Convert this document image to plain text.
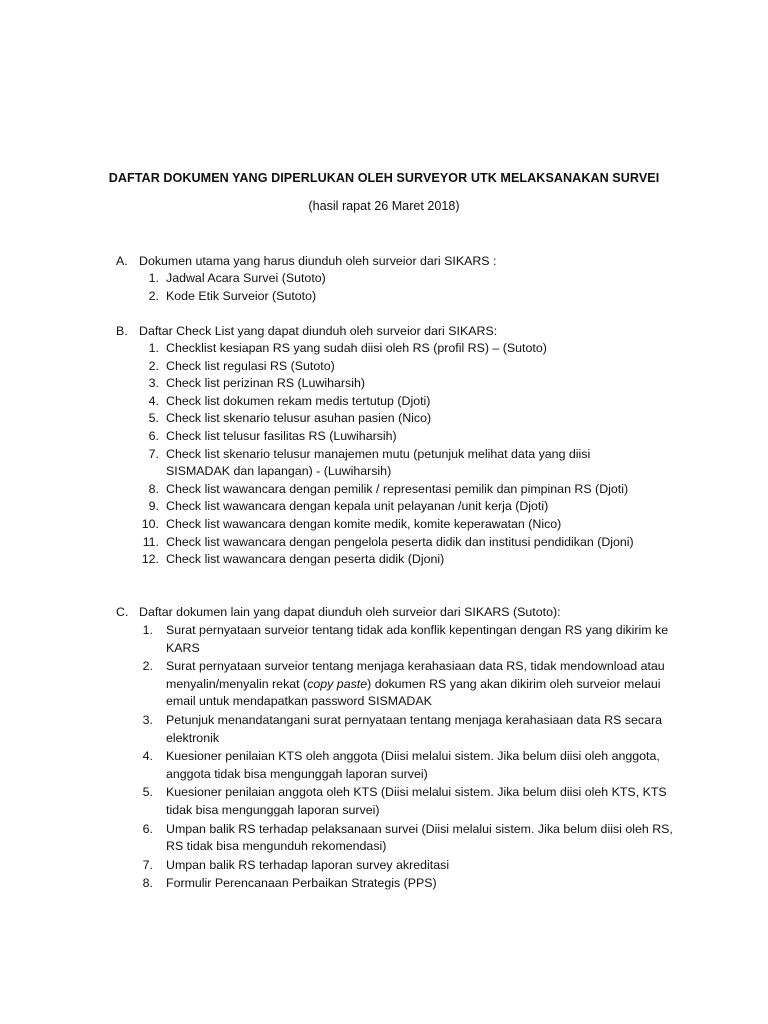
DAFTAR DOKUMEN YANG DIPERLUKAN OLEH SURVEYOR UTK MELAKSANAKAN SURVEI
(hasil rapat 26 Maret 2018)
A. Dokumen utama yang harus diunduh oleh surveior dari SIKARS :
1. Jadwal Acara Survei (Sutoto)
2. Kode Etik Surveior (Sutoto)
B. Daftar Check List yang dapat diunduh oleh surveior dari SIKARS:
1. Checklist kesiapan RS yang sudah diisi oleh RS (profil RS) – (Sutoto)
2. Check list regulasi RS (Sutoto)
3. Check list perizinan RS (Luwiharsih)
4. Check list dokumen rekam medis tertutup (Djoti)
5. Check list skenario telusur asuhan pasien (Nico)
6. Check list telusur fasilitas RS (Luwiharsih)
7. Check list skenario telusur manajemen mutu (petunjuk melihat data yang diisi SISMADAK dan lapangan) - (Luwiharsih)
8. Check list wawancara dengan pemilik / representasi pemilik dan pimpinan RS (Djoti)
9. Check list wawancara dengan kepala unit pelayanan /unit kerja (Djoti)
10. Check list wawancara dengan komite medik, komite keperawatan (Nico)
11. Check list wawancara dengan pengelola peserta didik dan institusi pendidikan (Djoni)
12. Check list wawancara dengan peserta didik (Djoni)
C. Daftar dokumen lain yang dapat diunduh oleh surveior dari SIKARS (Sutoto):
1. Surat pernyataan surveior tentang tidak ada konflik kepentingan dengan RS yang dikirim ke KARS
2. Surat pernyataan surveior tentang menjaga kerahasiaan data RS, tidak mendownload atau menyalin/menyalin rekat (copy paste) dokumen RS yang akan dikirim oleh surveior melaui email untuk mendapatkan password SISMADAK
3. Petunjuk menandatangani surat pernyataan tentang menjaga kerahasiaan data RS secara elektronik
4. Kuesioner penilaian KTS oleh anggota (Diisi melalui sistem. Jika belum diisi oleh anggota, anggota tidak bisa mengunggah laporan survei)
5. Kuesioner penilaian anggota oleh KTS (Diisi melalui sistem. Jika belum diisi oleh KTS, KTS tidak bisa mengunggah laporan survei)
6. Umpan balik RS terhadap pelaksanaan survei (Diisi melalui sistem. Jika belum diisi oleh RS, RS tidak bisa mengunduh rekomendasi)
7. Umpan balik RS terhadap laporan survey akreditasi
8. Formulir Perencanaan Perbaikan Strategis (PPS)
